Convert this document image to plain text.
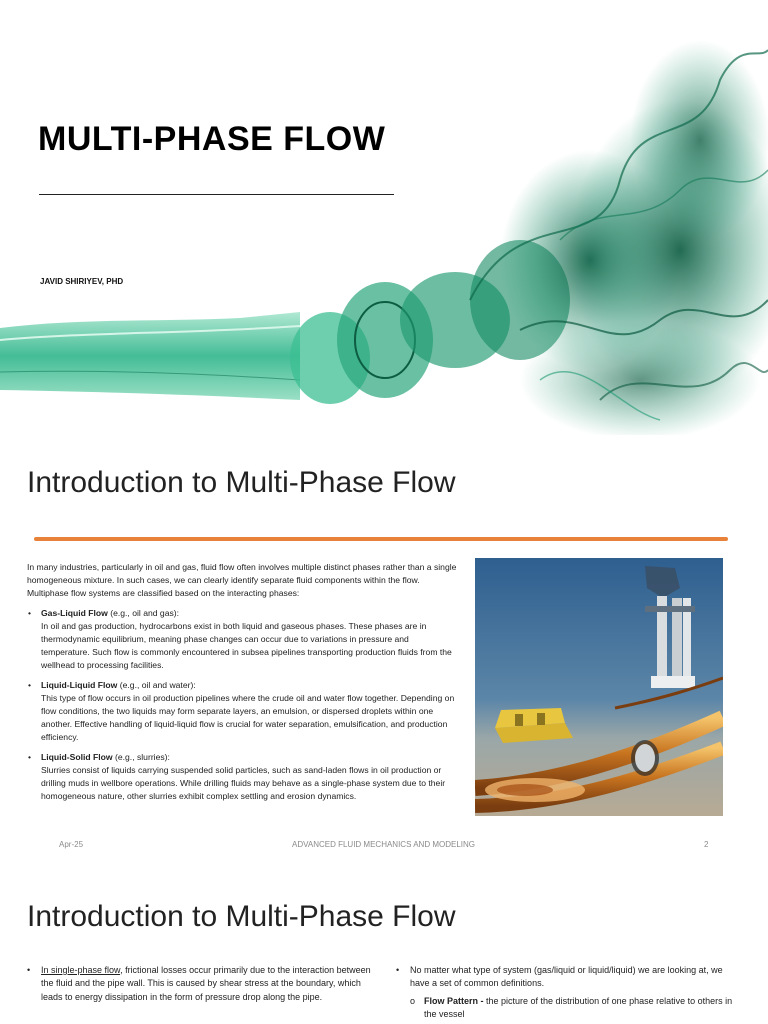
MULTI-PHASE FLOW
JAVID SHIRIYEV, PHD
Introduction to Multi-Phase Flow

In many industries, particularly in oil and gas, fluid flow often involves multiple distinct phases rather than a single homogeneous mixture. In such cases, we can clearly identify separate fluid components within the flow. Multiphase flow systems are classified based on the interacting phases:

• Gas-Liquid Flow (e.g., oil and gas):
In oil and gas production, hydrocarbons exist in both liquid and gaseous phases. These phases are in thermodynamic equilibrium, meaning phase changes can occur due to variations in pressure and temperature. Such flow is commonly encountered in subsea pipelines transporting production fluids from the wellhead to processing facilities.
• Liquid-Liquid Flow (e.g., oil and water):
This type of flow occurs in oil production pipelines where the crude oil and water flow together. Depending on flow conditions, the two liquids may form separate layers, an emulsion, or dispersed droplets within one another. Effective handling of liquid-liquid flow is crucial for water separation, emulsification, and production efficiency.
• Liquid-Solid Flow (e.g., slurries):
Slurries consist of liquids carrying suspended solid particles, such as sand-laden flows in oil production or drilling muds in wellbore operations. While drilling fluids may behave as a single-phase system due to their homogeneous nature, other slurries exhibit complex settling and erosion dynamics.
Apr-25	ADVANCED FLUID MECHANICS AND MODELING	2
Introduction to Multi-Phase Flow
•	In single-phase flow, frictional losses occur primarily due to the interaction between the fluid and the pipe wall. This is caused by shear stress at the boundary, which leads to energy dissipation in the form of pressure drop along the pipe.
•	No matter what type of system (gas/liquid or liquid/liquid) we are looking at, we have a set of common definitions.
o Flow Pattern - the picture of the distribution of one phase relative to others in the vessel
